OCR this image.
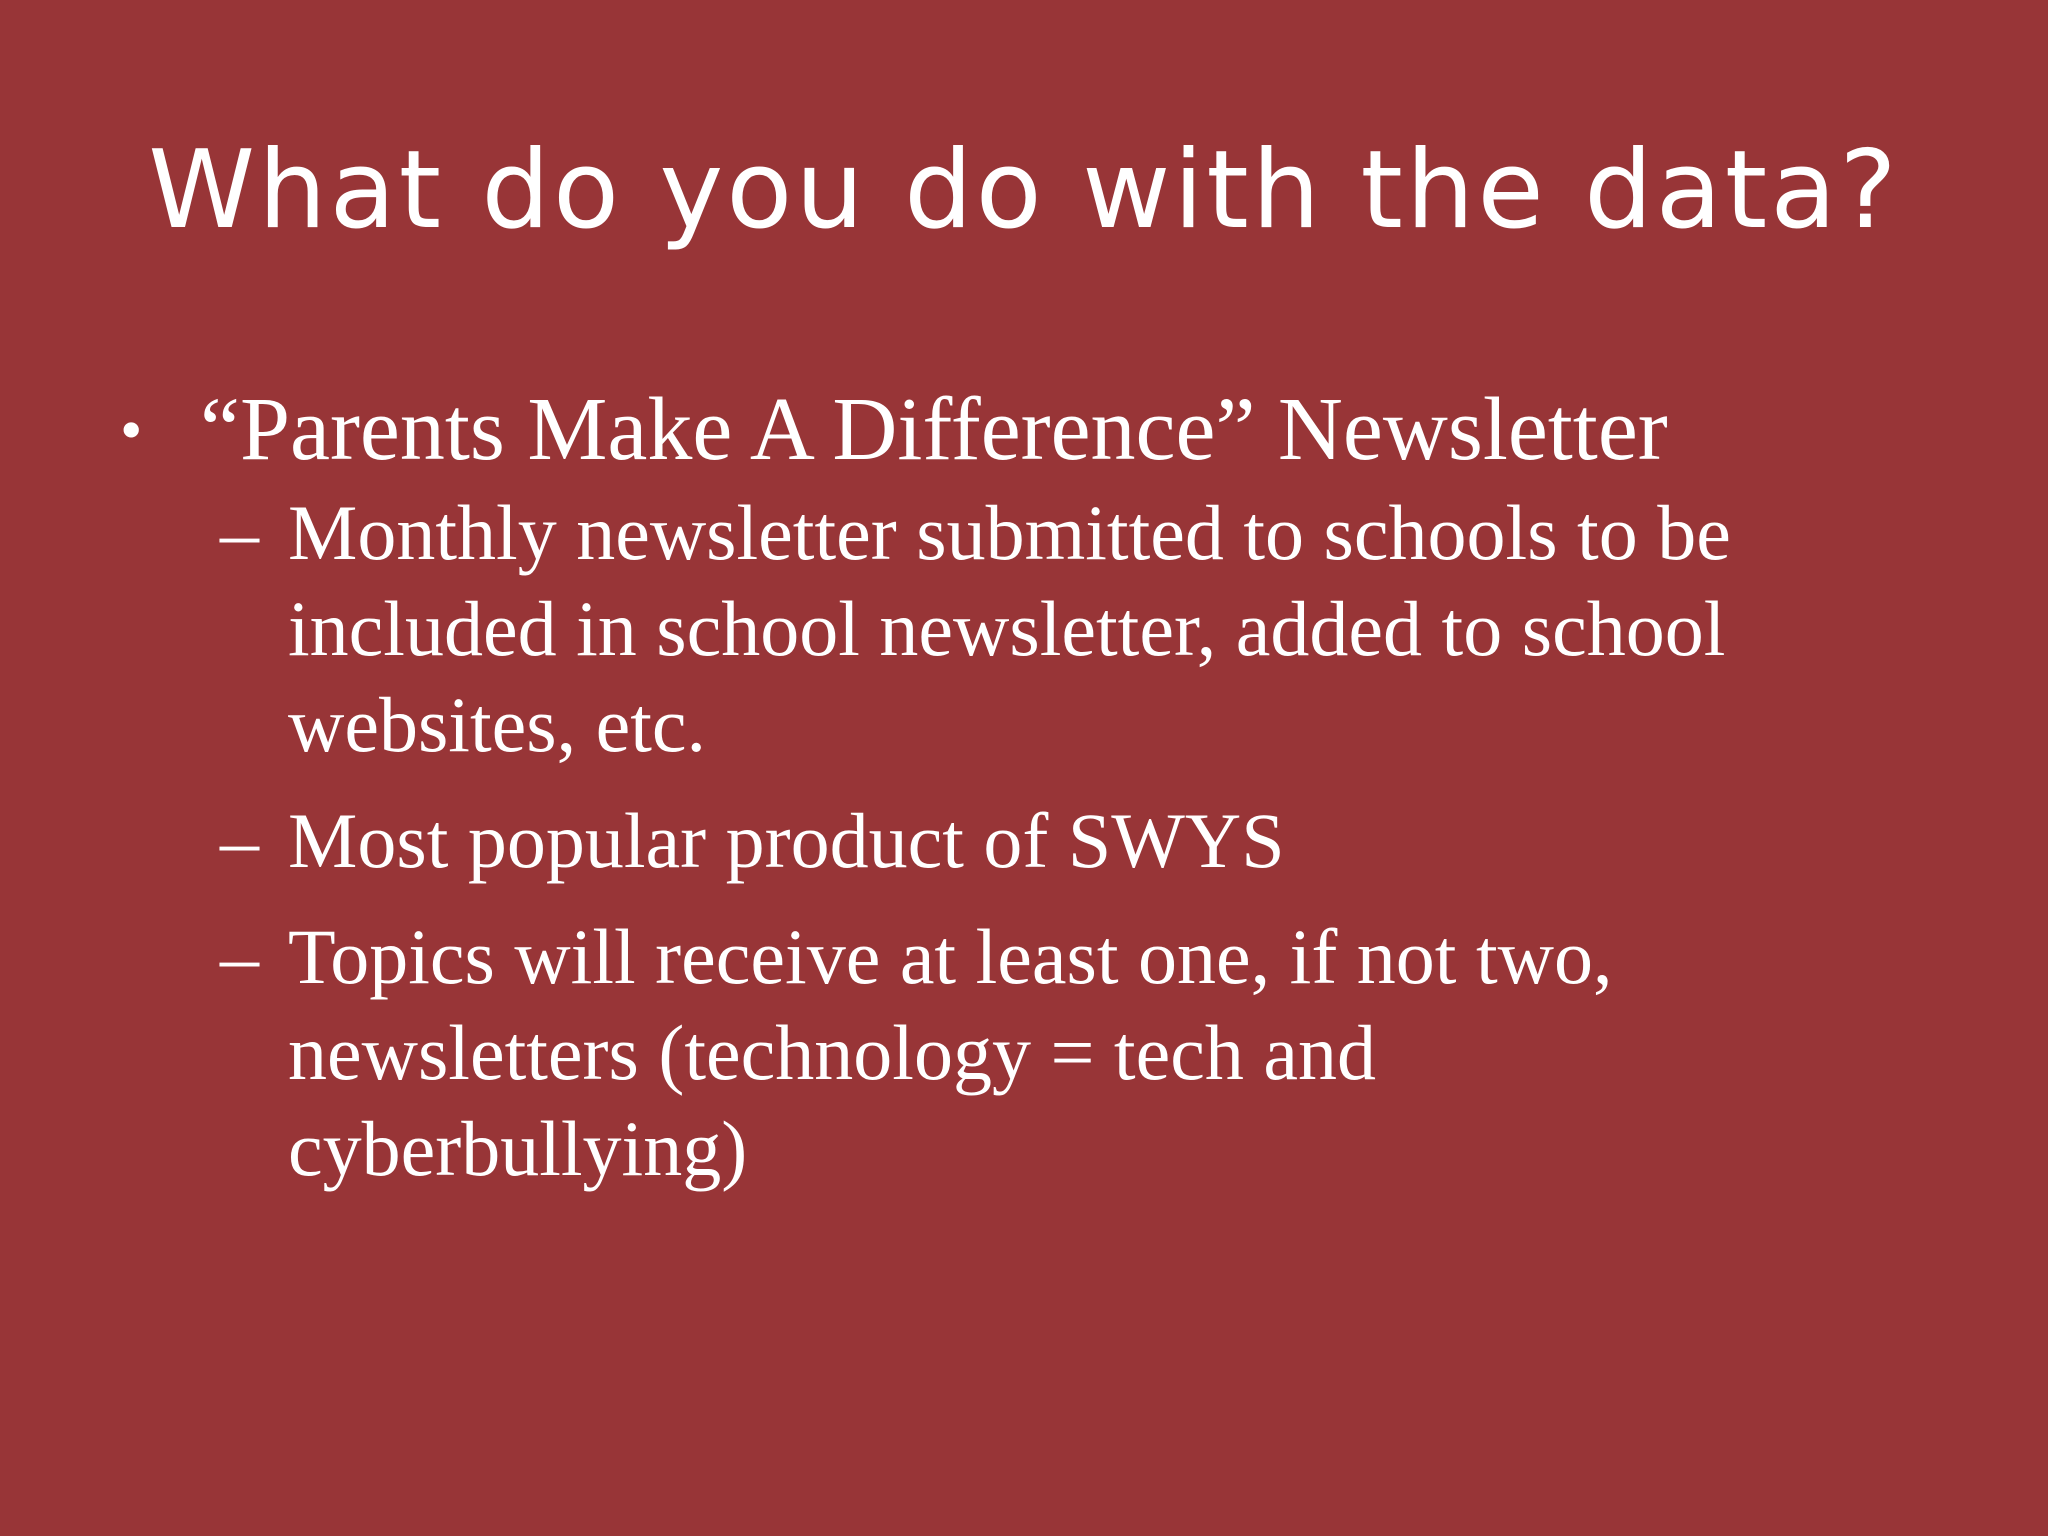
What do you do with the data?
• “Parents Make A Difference” Newsletter
– Monthly newsletter submitted to schools to be
included in school newsletter, added to school
websites, etc.
– Most popular product of SWYS
– Topics will receive at least one, if not two,
newsletters (technology = tech and
cyberbullying)
